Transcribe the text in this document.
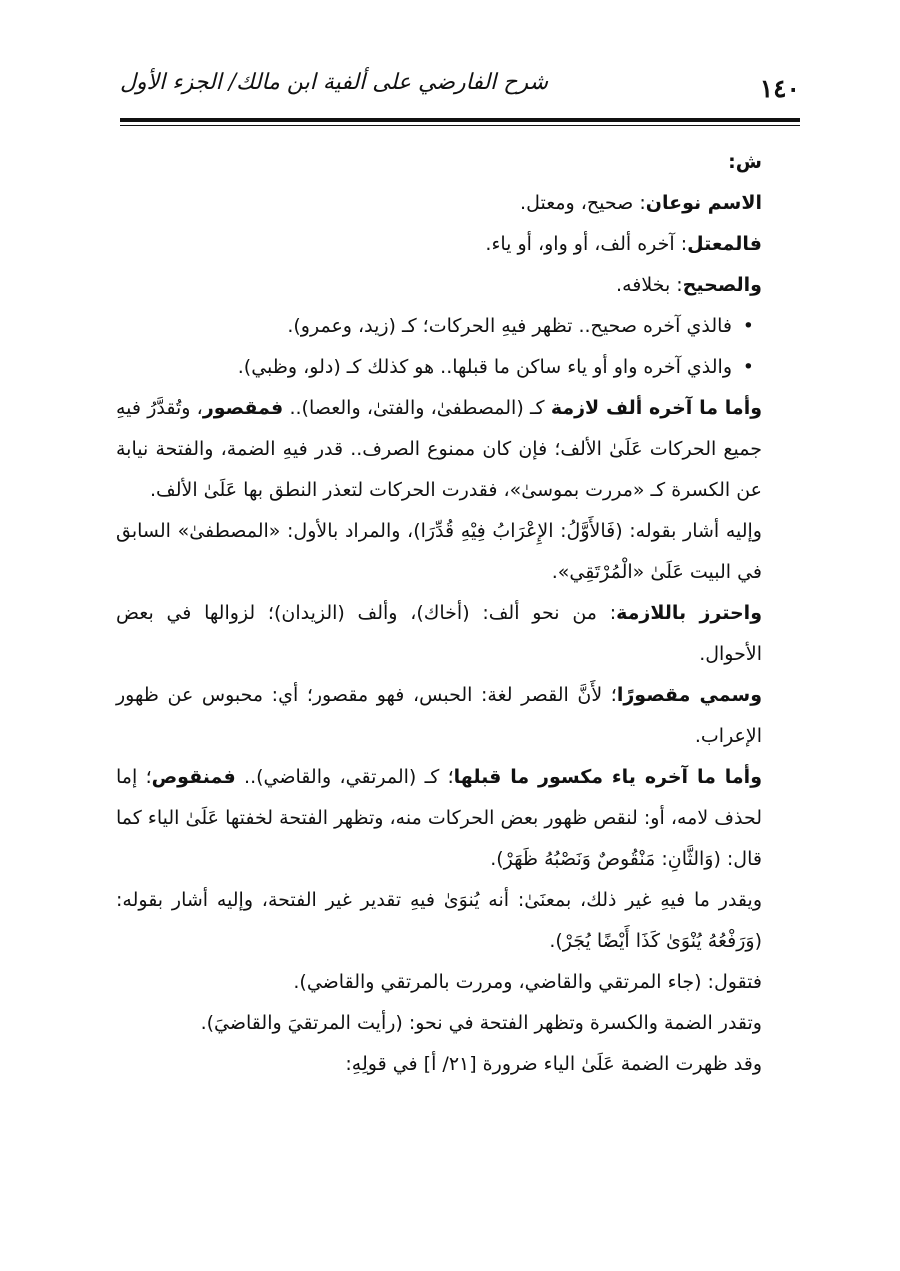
١٤٠
شرح الفارضي على ألفية ابن مالك/ الجزء الأول

ش:

الاسم نوعان: صحيح، ومعتل.

فالمعتل: آخره ألف، أو واو، أو ياء.

والصحيح: بخلافه.

•
فالذي آخره صحيح.. تظهر فيهِ الحركات؛ كـ (زيد، وعمرو).
•
والذي آخره واو أو ياء ساكن ما قبلها.. هو كذلك كـ (دلو، وظبي).

وأما ما آخره ألف لازمة كـ (المصطفىٰ، والفتىٰ، والعصا).. فمقصور، وتُقدَّرُ فيهِ جميع الحركات عَلَىٰ الألف؛ فإن كان ممنوع الصرف.. قدر فيهِ الضمة، والفتحة نيابة عن الكسرة كـ «مررت بموسىٰ»، فقدرت الحركات لتعذر النطق بها عَلَىٰ الألف.

وإليه أشار بقوله: (فَالأَوَّلُ: الإِعْرَابُ فِيْهِ قُدِّرَا)، والمراد بالأول: «المصطفىٰ» السابق في البيت عَلَىٰ «الْمُرْتَقِي».

واحترز باللازمة: من نحو ألف: (أخاك)، وألف (الزيدان)؛ لزوالها في بعض الأحوال.

وسمي مقصورًا؛ لأَنَّ القصر لغة: الحبس، فهو مقصور؛ أي: محبوس عن ظهور الإعراب.

وأما ما آخره ياء مكسور ما قبلها؛ كـ (المرتقي، والقاضي).. فمنقوص؛ إما لحذف لامه، أو: لنقص ظهور بعض الحركات منه، وتظهر الفتحة لخفتها عَلَىٰ الياء كما قال: (وَالثَّانِ: مَنْقُوصٌ وَنَصْبُهُ ظَهَرْ).

ويقدر ما فيهِ غير ذلك، بمعنَىٰ: أنه يُنوَىٰ فيهِ تقدير غير الفتحة، وإليه أشار بقوله: (وَرَفْعُهُ يُنْوَىٰ كَذَا أَيْضًا يُجَرْ).

فتقول: (جاء المرتقي والقاضي، ومررت بالمرتقي والقاضي).

وتقدر الضمة والكسرة وتظهر الفتحة في نحو: (رأيت المرتقيَ والقاضيَ).

وقد ظهرت الضمة عَلَىٰ الياء ضرورة [٢١/ أ] في قولِهِ:
